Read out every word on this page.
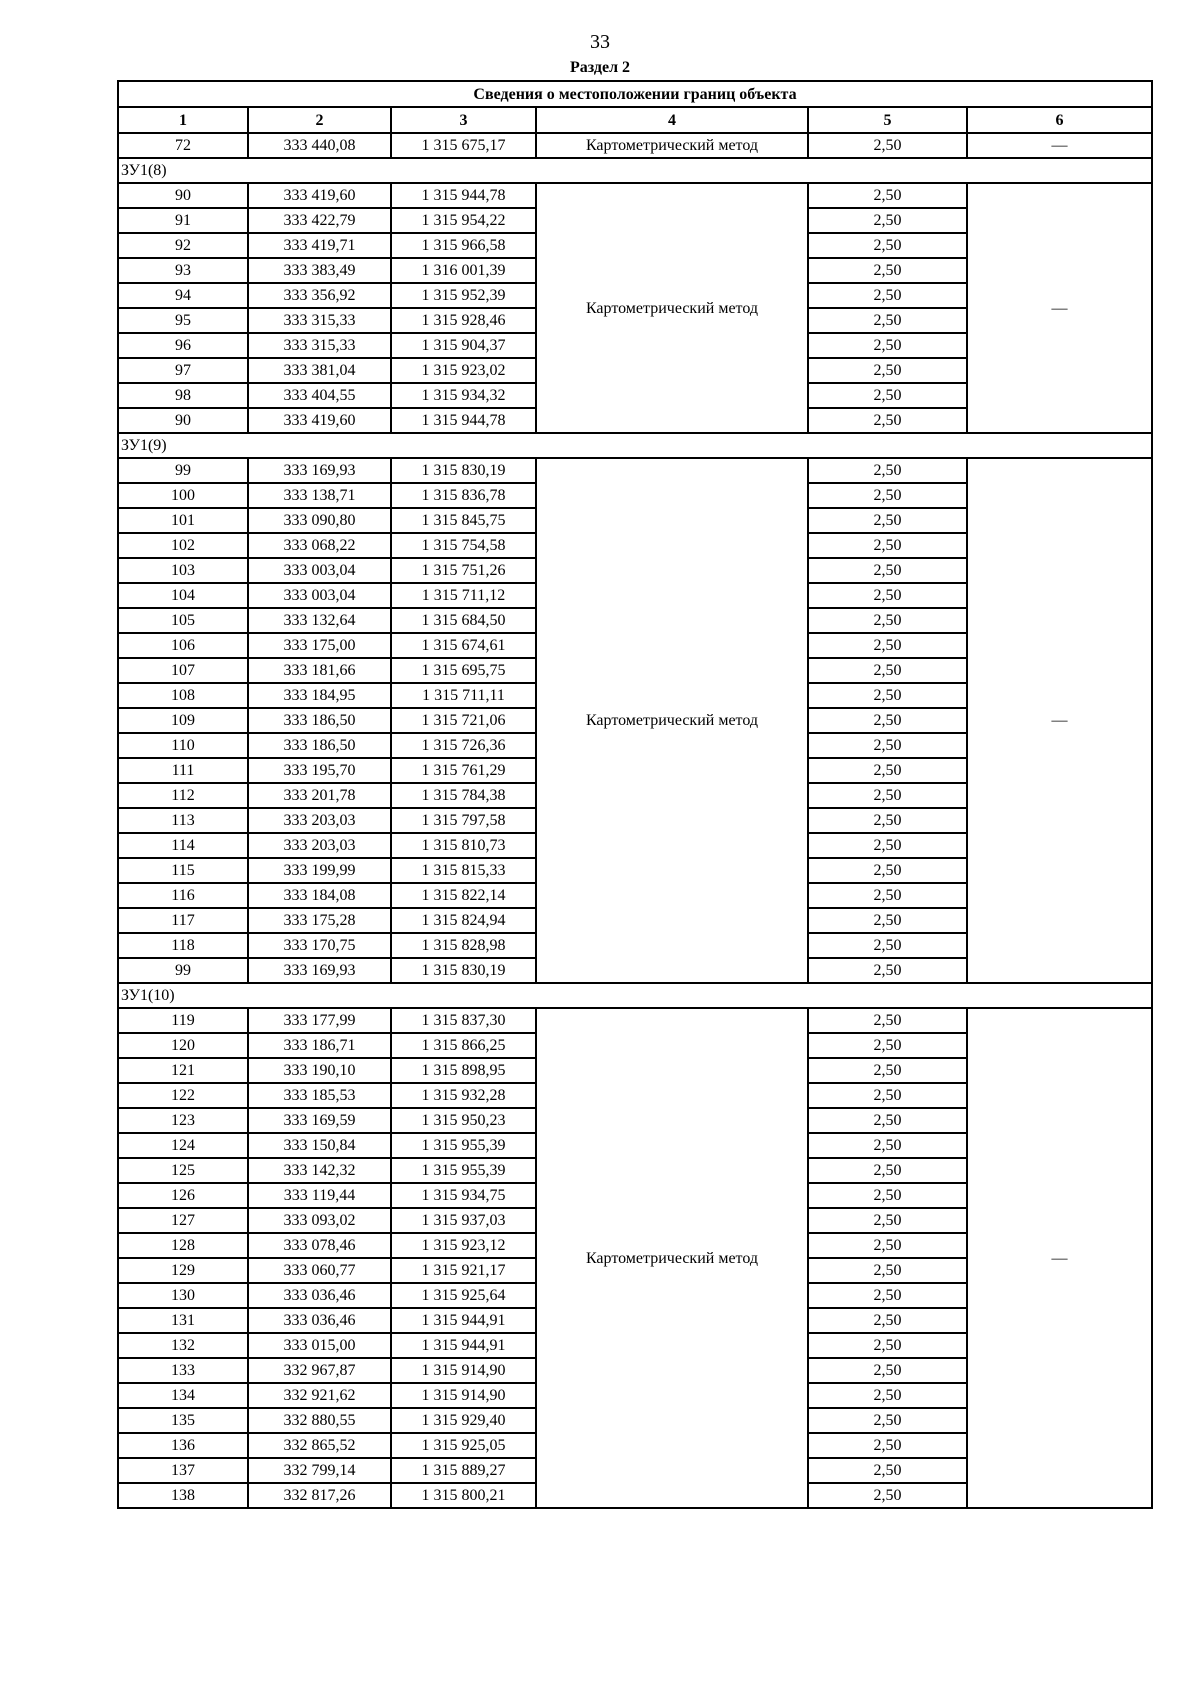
33
Раздел 2
Сведения о местоположении границ объекта					
1	2	3	4	5	6
72	333 440,08	1 315 675,17	Картометрический метод	2,50	—
ЗУ1(8)					
90	333 419,60	1 315 944,78	Картометрический метод	2,50	—
91	333 422,79	1 315 954,22		2,50	
92	333 419,71	1 315 966,58		2,50	
93	333 383,49	1 316 001,39		2,50	
94	333 356,92	1 315 952,39		2,50	
95	333 315,33	1 315 928,46		2,50	
96	333 315,33	1 315 904,37		2,50	
97	333 381,04	1 315 923,02		2,50	
98	333 404,55	1 315 934,32		2,50	
90	333 419,60	1 315 944,78		2,50	
ЗУ1(9)					
99	333 169,93	1 315 830,19	Картометрический метод	2,50	—
100	333 138,71	1 315 836,78		2,50	
101	333 090,80	1 315 845,75		2,50	
102	333 068,22	1 315 754,58		2,50	
103	333 003,04	1 315 751,26		2,50	
104	333 003,04	1 315 711,12		2,50	
105	333 132,64	1 315 684,50		2,50	
106	333 175,00	1 315 674,61		2,50	
107	333 181,66	1 315 695,75		2,50	
108	333 184,95	1 315 711,11		2,50	
109	333 186,50	1 315 721,06		2,50	
110	333 186,50	1 315 726,36		2,50	
111	333 195,70	1 315 761,29		2,50	
112	333 201,78	1 315 784,38		2,50	
113	333 203,03	1 315 797,58		2,50	
114	333 203,03	1 315 810,73		2,50	
115	333 199,99	1 315 815,33		2,50	
116	333 184,08	1 315 822,14		2,50	
117	333 175,28	1 315 824,94		2,50	
118	333 170,75	1 315 828,98		2,50	
99	333 169,93	1 315 830,19		2,50	
ЗУ1(10)					
119	333 177,99	1 315 837,30	Картометрический метод	2,50	—
120	333 186,71	1 315 866,25		2,50	
121	333 190,10	1 315 898,95		2,50	
122	333 185,53	1 315 932,28		2,50	
123	333 169,59	1 315 950,23		2,50	
124	333 150,84	1 315 955,39		2,50	
125	333 142,32	1 315 955,39		2,50	
126	333 119,44	1 315 934,75		2,50	
127	333 093,02	1 315 937,03		2,50	
128	333 078,46	1 315 923,12		2,50	
129	333 060,77	1 315 921,17		2,50	
130	333 036,46	1 315 925,64		2,50	
131	333 036,46	1 315 944,91		2,50	
132	333 015,00	1 315 944,91		2,50	
133	332 967,87	1 315 914,90		2,50	
134	332 921,62	1 315 914,90		2,50	
135	332 880,55	1 315 929,40		2,50	
136	332 865,52	1 315 925,05		2,50	
137	332 799,14	1 315 889,27		2,50	
138	332 817,26	1 315 800,21		2,50	
